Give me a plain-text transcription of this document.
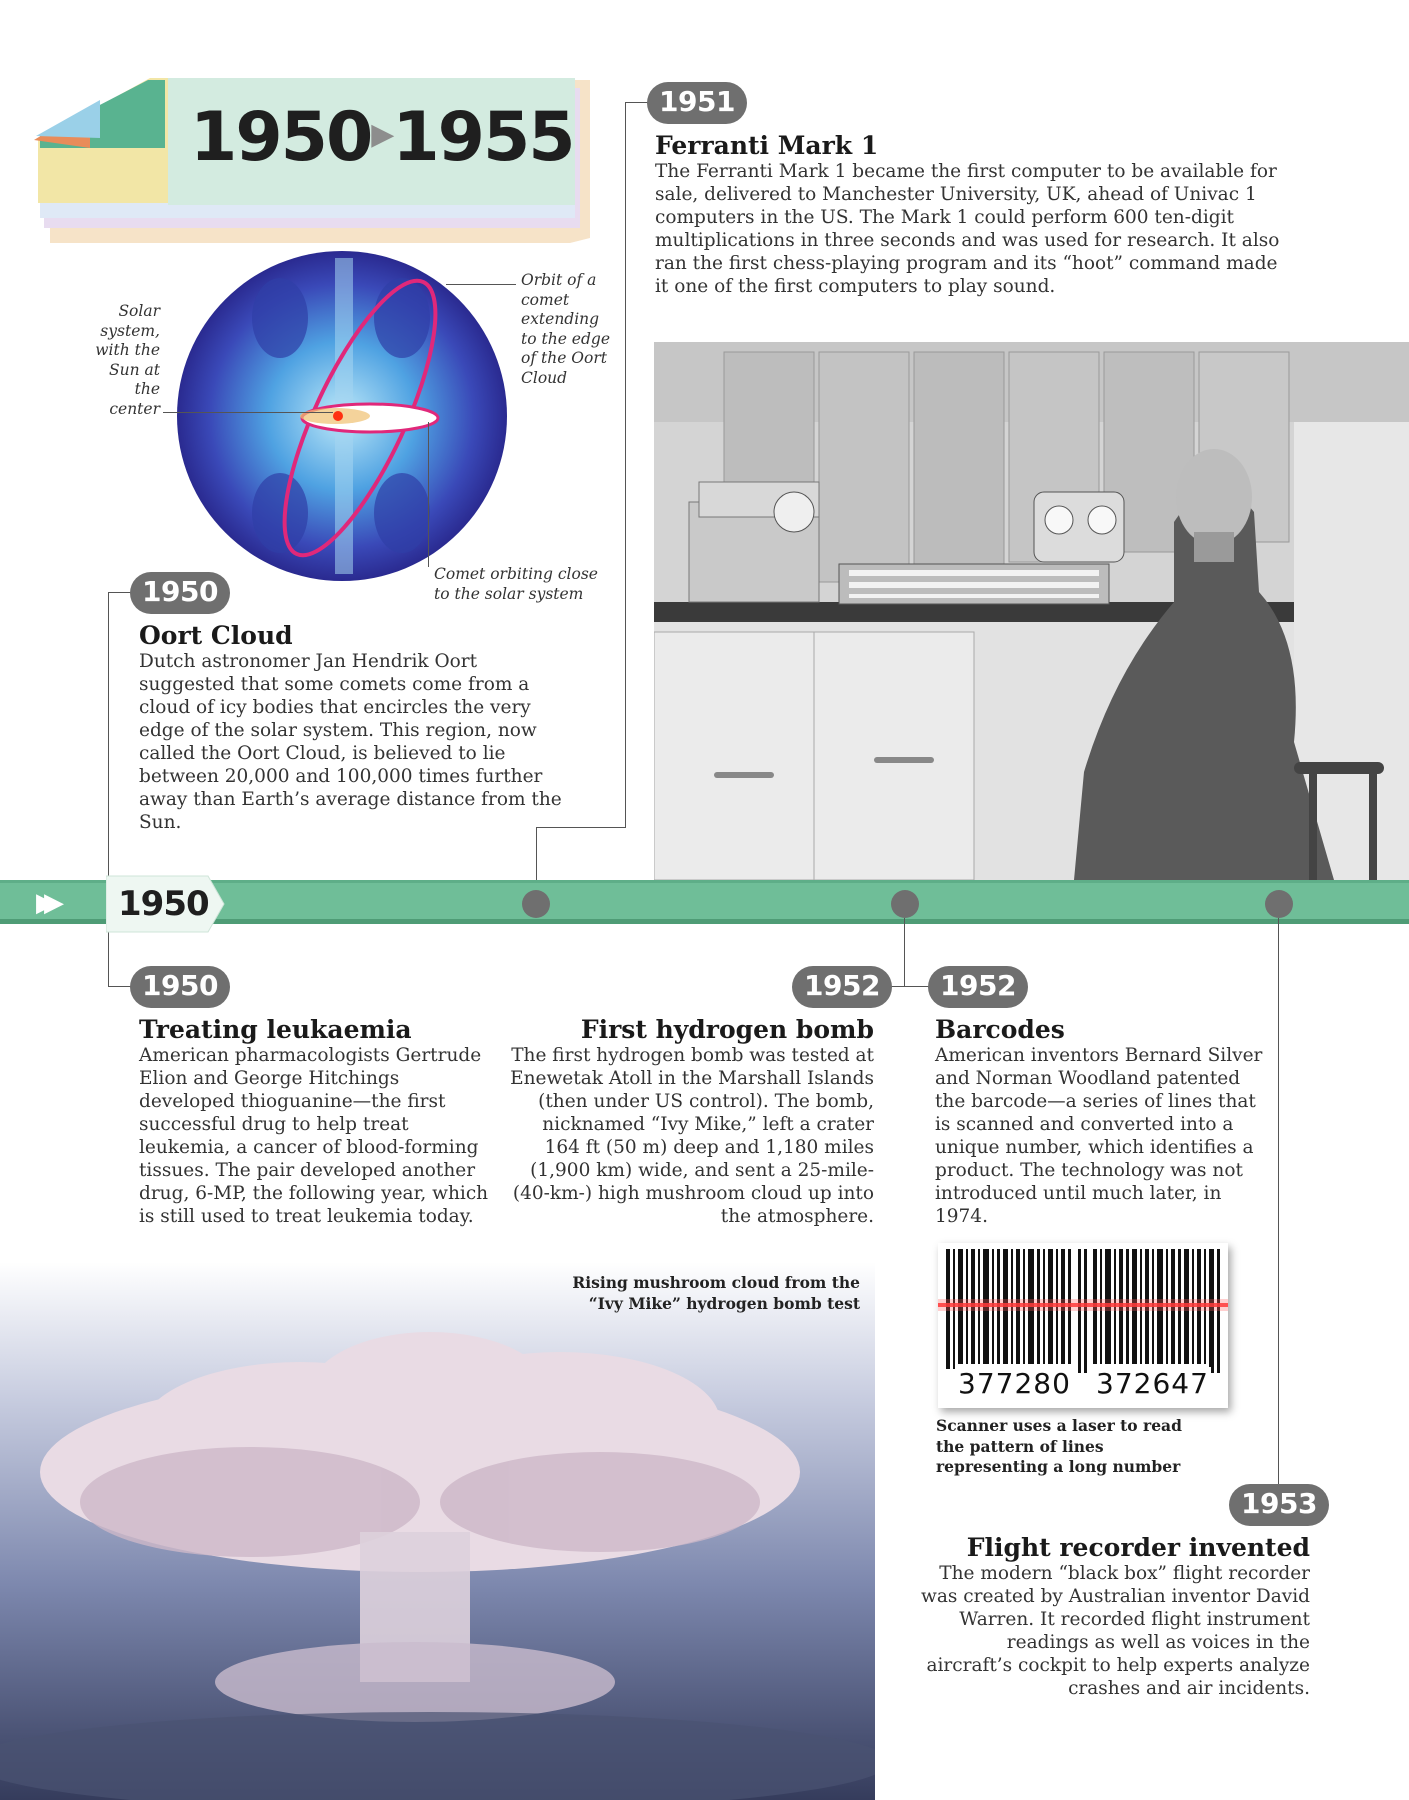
1950▶1955
Solar system, with the Sun at the center
Orbit of a comet extending to the edge of the Oort Cloud
Comet orbiting close to the solar system
1950
Oort Cloud
Dutch astronomer Jan Hendrik Oort suggested that some comets come from a cloud of icy bodies that encircles the very edge of the solar system. This region, now called the Oort Cloud, is believed to lie between 20,000 and 100,000 times further away than Earth’s average distance from the Sun.
1951
Ferranti Mark 1
The Ferranti Mark 1 became the first computer to be available for sale, delivered to Manchester University, UK, ahead of Univac 1 computers in the US. The Mark 1 could perform 600 ten-digit multiplications in three seconds and was used for research. It also ran the first chess-playing program and its “hoot” command made it one of the first computers to play sound.
▶▶ 1950
1950
Treating leukaemia
American pharmacologists Gertrude Elion and George Hitchings developed thioguanine—the first successful drug to help treat leukemia, a cancer of blood-forming tissues. The pair developed another drug, 6-MP, the following year, which is still used to treat leukemia today.
1952
First hydrogen bomb
The first hydrogen bomb was tested at Enewetak Atoll in the Marshall Islands (then under US control). The bomb, nicknamed “Ivy Mike,” left a crater 164 ft (50 m) deep and 1,180 miles (1,900 km) wide, and sent a 25-mile- (40-km-) high mushroom cloud up into the atmosphere.
Rising mushroom cloud from the “Ivy Mike” hydrogen bomb test
1952
Barcodes
American inventors Bernard Silver and Norman Woodland patented the barcode—a series of lines that is scanned and converted into a unique number, which identifies a product. The technology was not introduced until much later, in 1974.
377280 372647
Scanner uses a laser to read the pattern of lines representing a long number
1953
Flight recorder invented
The modern “black box” flight recorder was created by Australian inventor David Warren. It recorded flight instrument readings as well as voices in the aircraft’s cockpit to help experts analyze crashes and air incidents.
